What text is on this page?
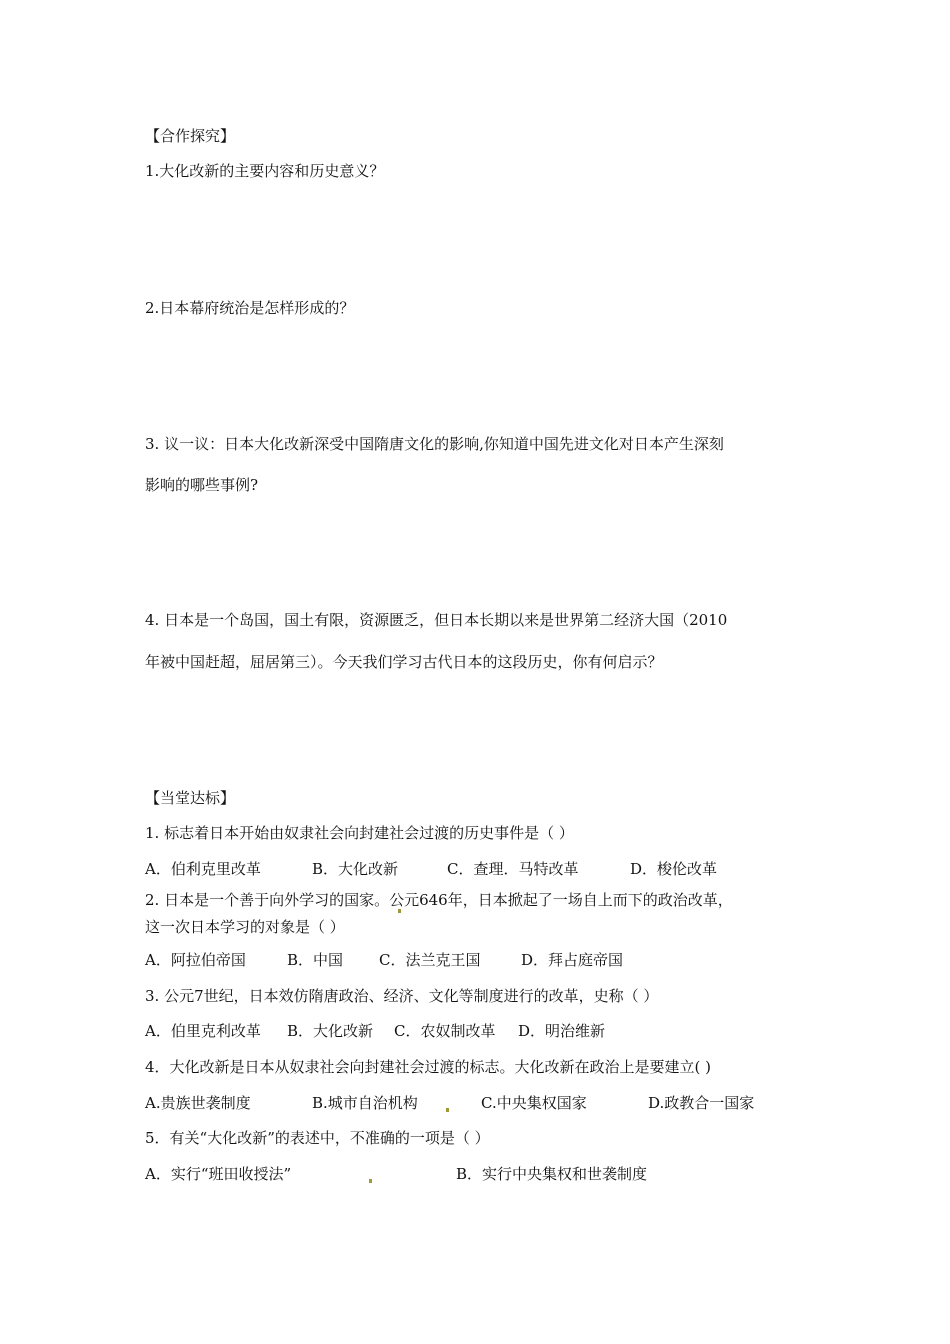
【合作探究】
1.大化改新的主要内容和历史意义？
2.日本幕府统治是怎样形成的？
3. 议一议：日本大化改新深受中国隋唐文化的影响,你知道中国先进文化对日本产生深刻
影响的哪些事例?
4. 日本是一个岛国，国土有限，资源匮乏，但日本长期以来是世界第二经济大国（2010
年被中国赶超，屈居第三）。今天我们学习古代日本的这段历史，你有何启示？
【当堂达标】
1. 标志着日本开始由奴隶社会向封建社会过渡的历史事件是（ ）
A．伯利克里改革	B．大化改新	C．查理．马特改革	D．梭伦改革
2. 日本是一个善于向外学习的国家。公元646年，日本掀起了一场自上而下的政治改革，
这一次日本学习的对象是（ ）
A．阿拉伯帝国	B．中国 C．法兰克王国	D．拜占庭帝国
3. 公元7世纪，日本效仿隋唐政治、经济、文化等制度进行的改革，史称（ ）
A．伯里克利改革 B．大化改新 C．农奴制改革 D．明治维新
4．大化改新是日本从奴隶社会向封建社会过渡的标志。大化改新在政治上是要建立( )
A.贵族世袭制度	B.城市自治机构	C.中央集权国家	D.政教合一国家
5．有关“大化改新”的表述中，不准确的一项是（ ）
A．实行“班田收授法”	B．实行中央集权和世袭制度
